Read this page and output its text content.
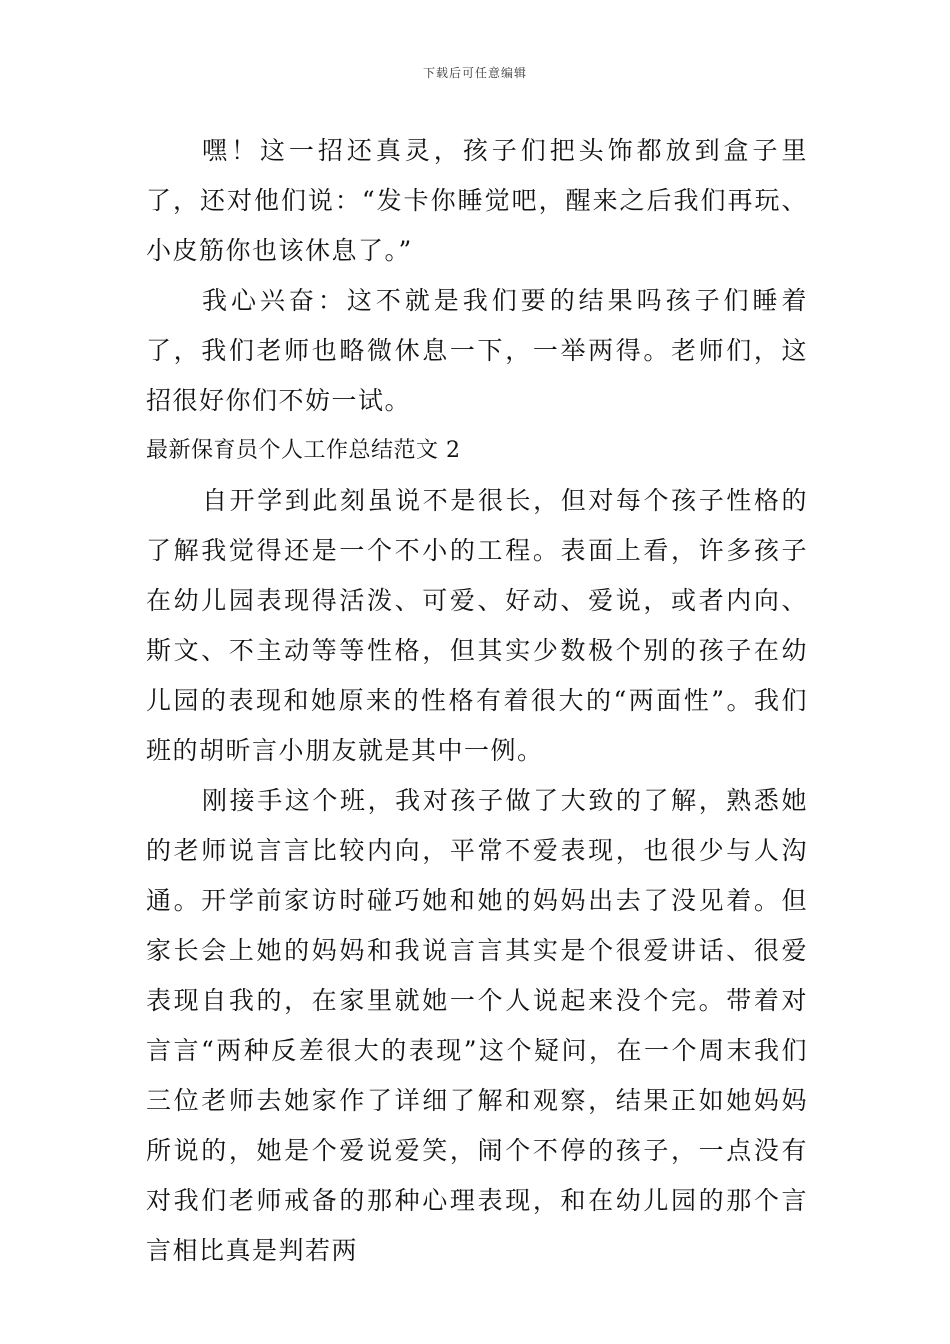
下载后可任意编辑

嘿！这一招还真灵，孩子们把头饰都放到盒子里了，还对他们说：“发卡你睡觉吧，醒来之后我们再玩、小皮筋你也该休息了。”

我心兴奋：这不就是我们要的结果吗孩子们睡着了，我们老师也略微休息一下，一举两得。老师们，这招很好你们不妨一试。

最新保育员个人工作总结范文 2

自开学到此刻虽说不是很长，但对每个孩子性格的了解我觉得还是一个不小的工程。表面上看，许多孩子在幼儿园表现得活泼、可爱、好动、爱说，或者内向、斯文、不主动等等性格，但其实少数极个别的孩子在幼儿园的表现和她原来的性格有着很大的“两面性”。我们班的胡昕言小朋友就是其中一例。

刚接手这个班，我对孩子做了大致的了解，熟悉她的老师说言言比较内向，平常不爱表现，也很少与人沟通。开学前家访时碰巧她和她的妈妈出去了没见着。但家长会上她的妈妈和我说言言其实是个很爱讲话、很爱表现自我的，在家里就她一个人说起来没个完。带着对言言“两种反差很大的表现”这个疑问，在一个周末我们三位老师去她家作了详细了解和观察，结果正如她妈妈所说的，她是个爱说爱笑，闹个不停的孩子，一点没有对我们老师戒备的那种心理表现，和在幼儿园的那个言言相比真是判若两
